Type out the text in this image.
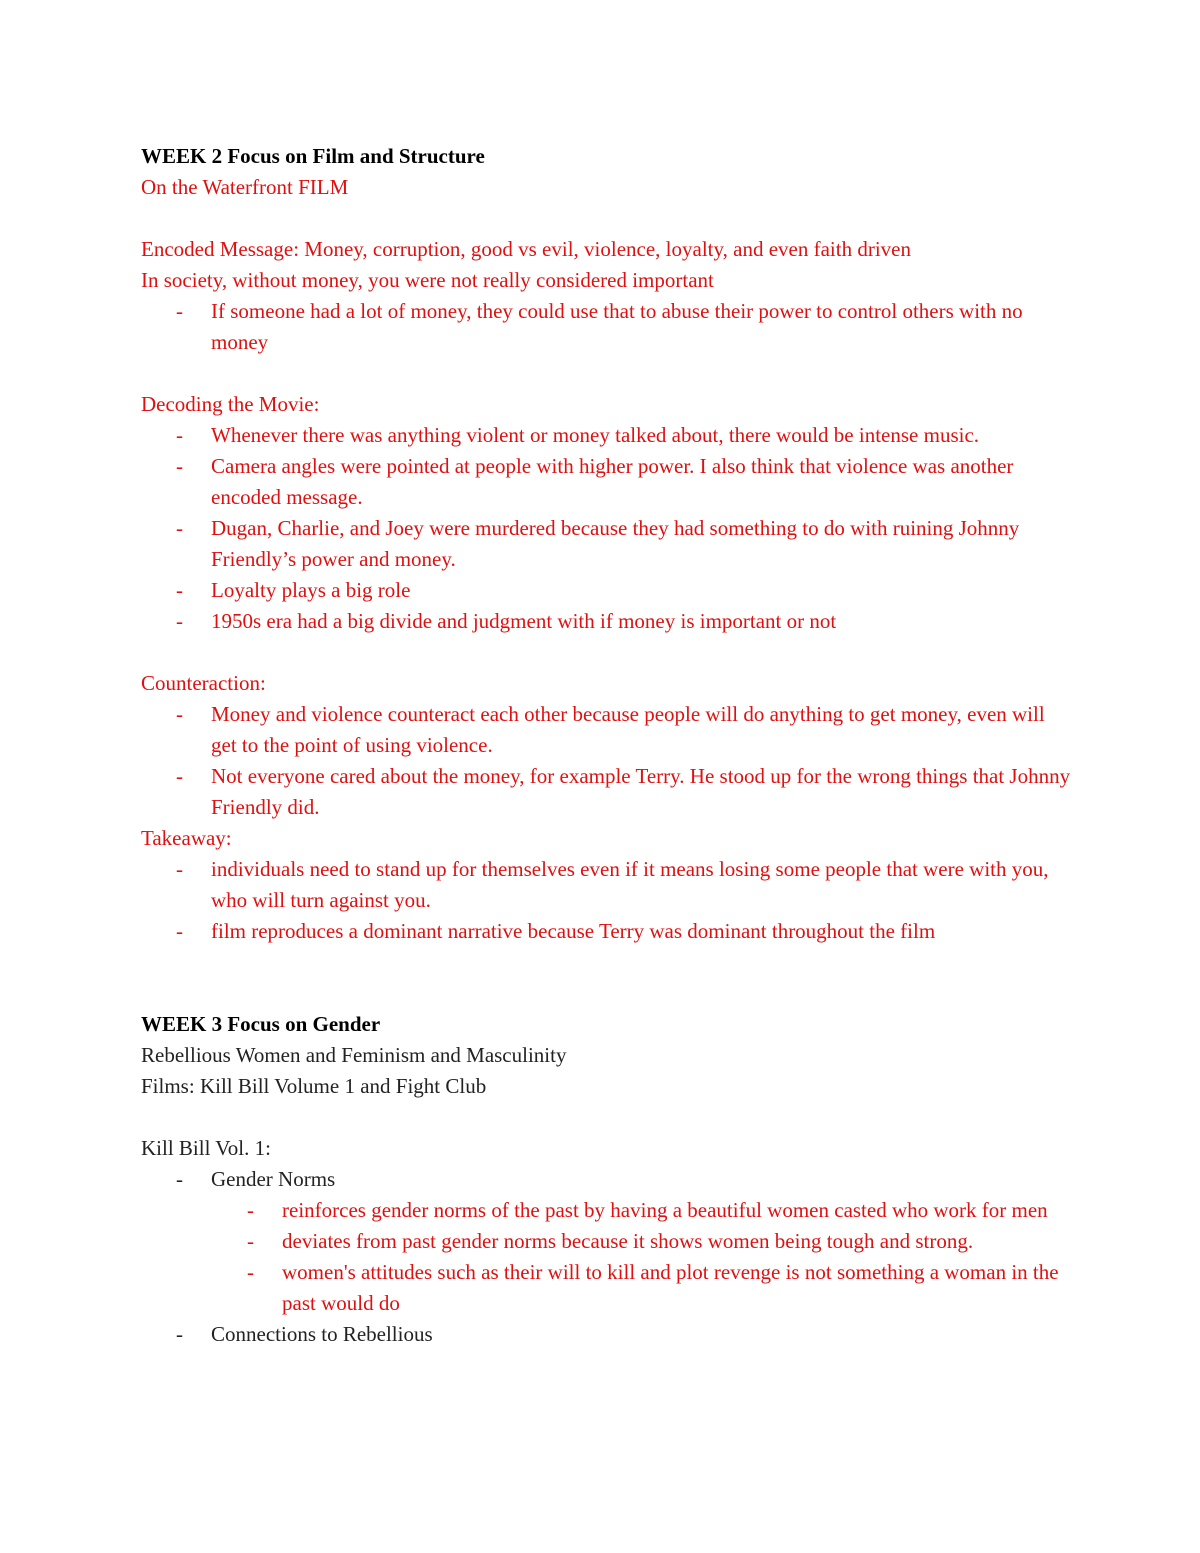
WEEK 2 Focus on Film and Structure
On the Waterfront FILM
Encoded Message: Money, corruption, good vs evil, violence, loyalty, and even faith driven
In society, without money, you were not really considered important
- If someone had a lot of money, they could use that to abuse their power to control others with no money
Decoding the Movie:
- Whenever there was anything violent or money talked about, there would be intense music.
- Camera angles were pointed at people with higher power. I also think that violence was another encoded message.
- Dugan, Charlie, and Joey were murdered because they had something to do with ruining Johnny Friendly’s power and money.
- Loyalty plays a big role
- 1950s era had a big divide and judgment with if money is important or not
Counteraction:
- Money and violence counteract each other because people will do anything to get money, even will get to the point of using violence.
- Not everyone cared about the money, for example Terry. He stood up for the wrong things that Johnny Friendly did.
Takeaway:
- individuals need to stand up for themselves even if it means losing some people that were with you, who will turn against you.
- film reproduces a dominant narrative because Terry was dominant throughout the film
WEEK 3 Focus on Gender
Rebellious Women and Feminism and Masculinity
Films: Kill Bill Volume 1 and Fight Club
Kill Bill Vol. 1:
- Gender Norms
- reinforces gender norms of the past by having a beautiful women casted who work for men
- deviates from past gender norms because it shows women being tough and strong.
- women's attitudes such as their will to kill and plot revenge is not something a woman in the past would do
- Connections to Rebellious
